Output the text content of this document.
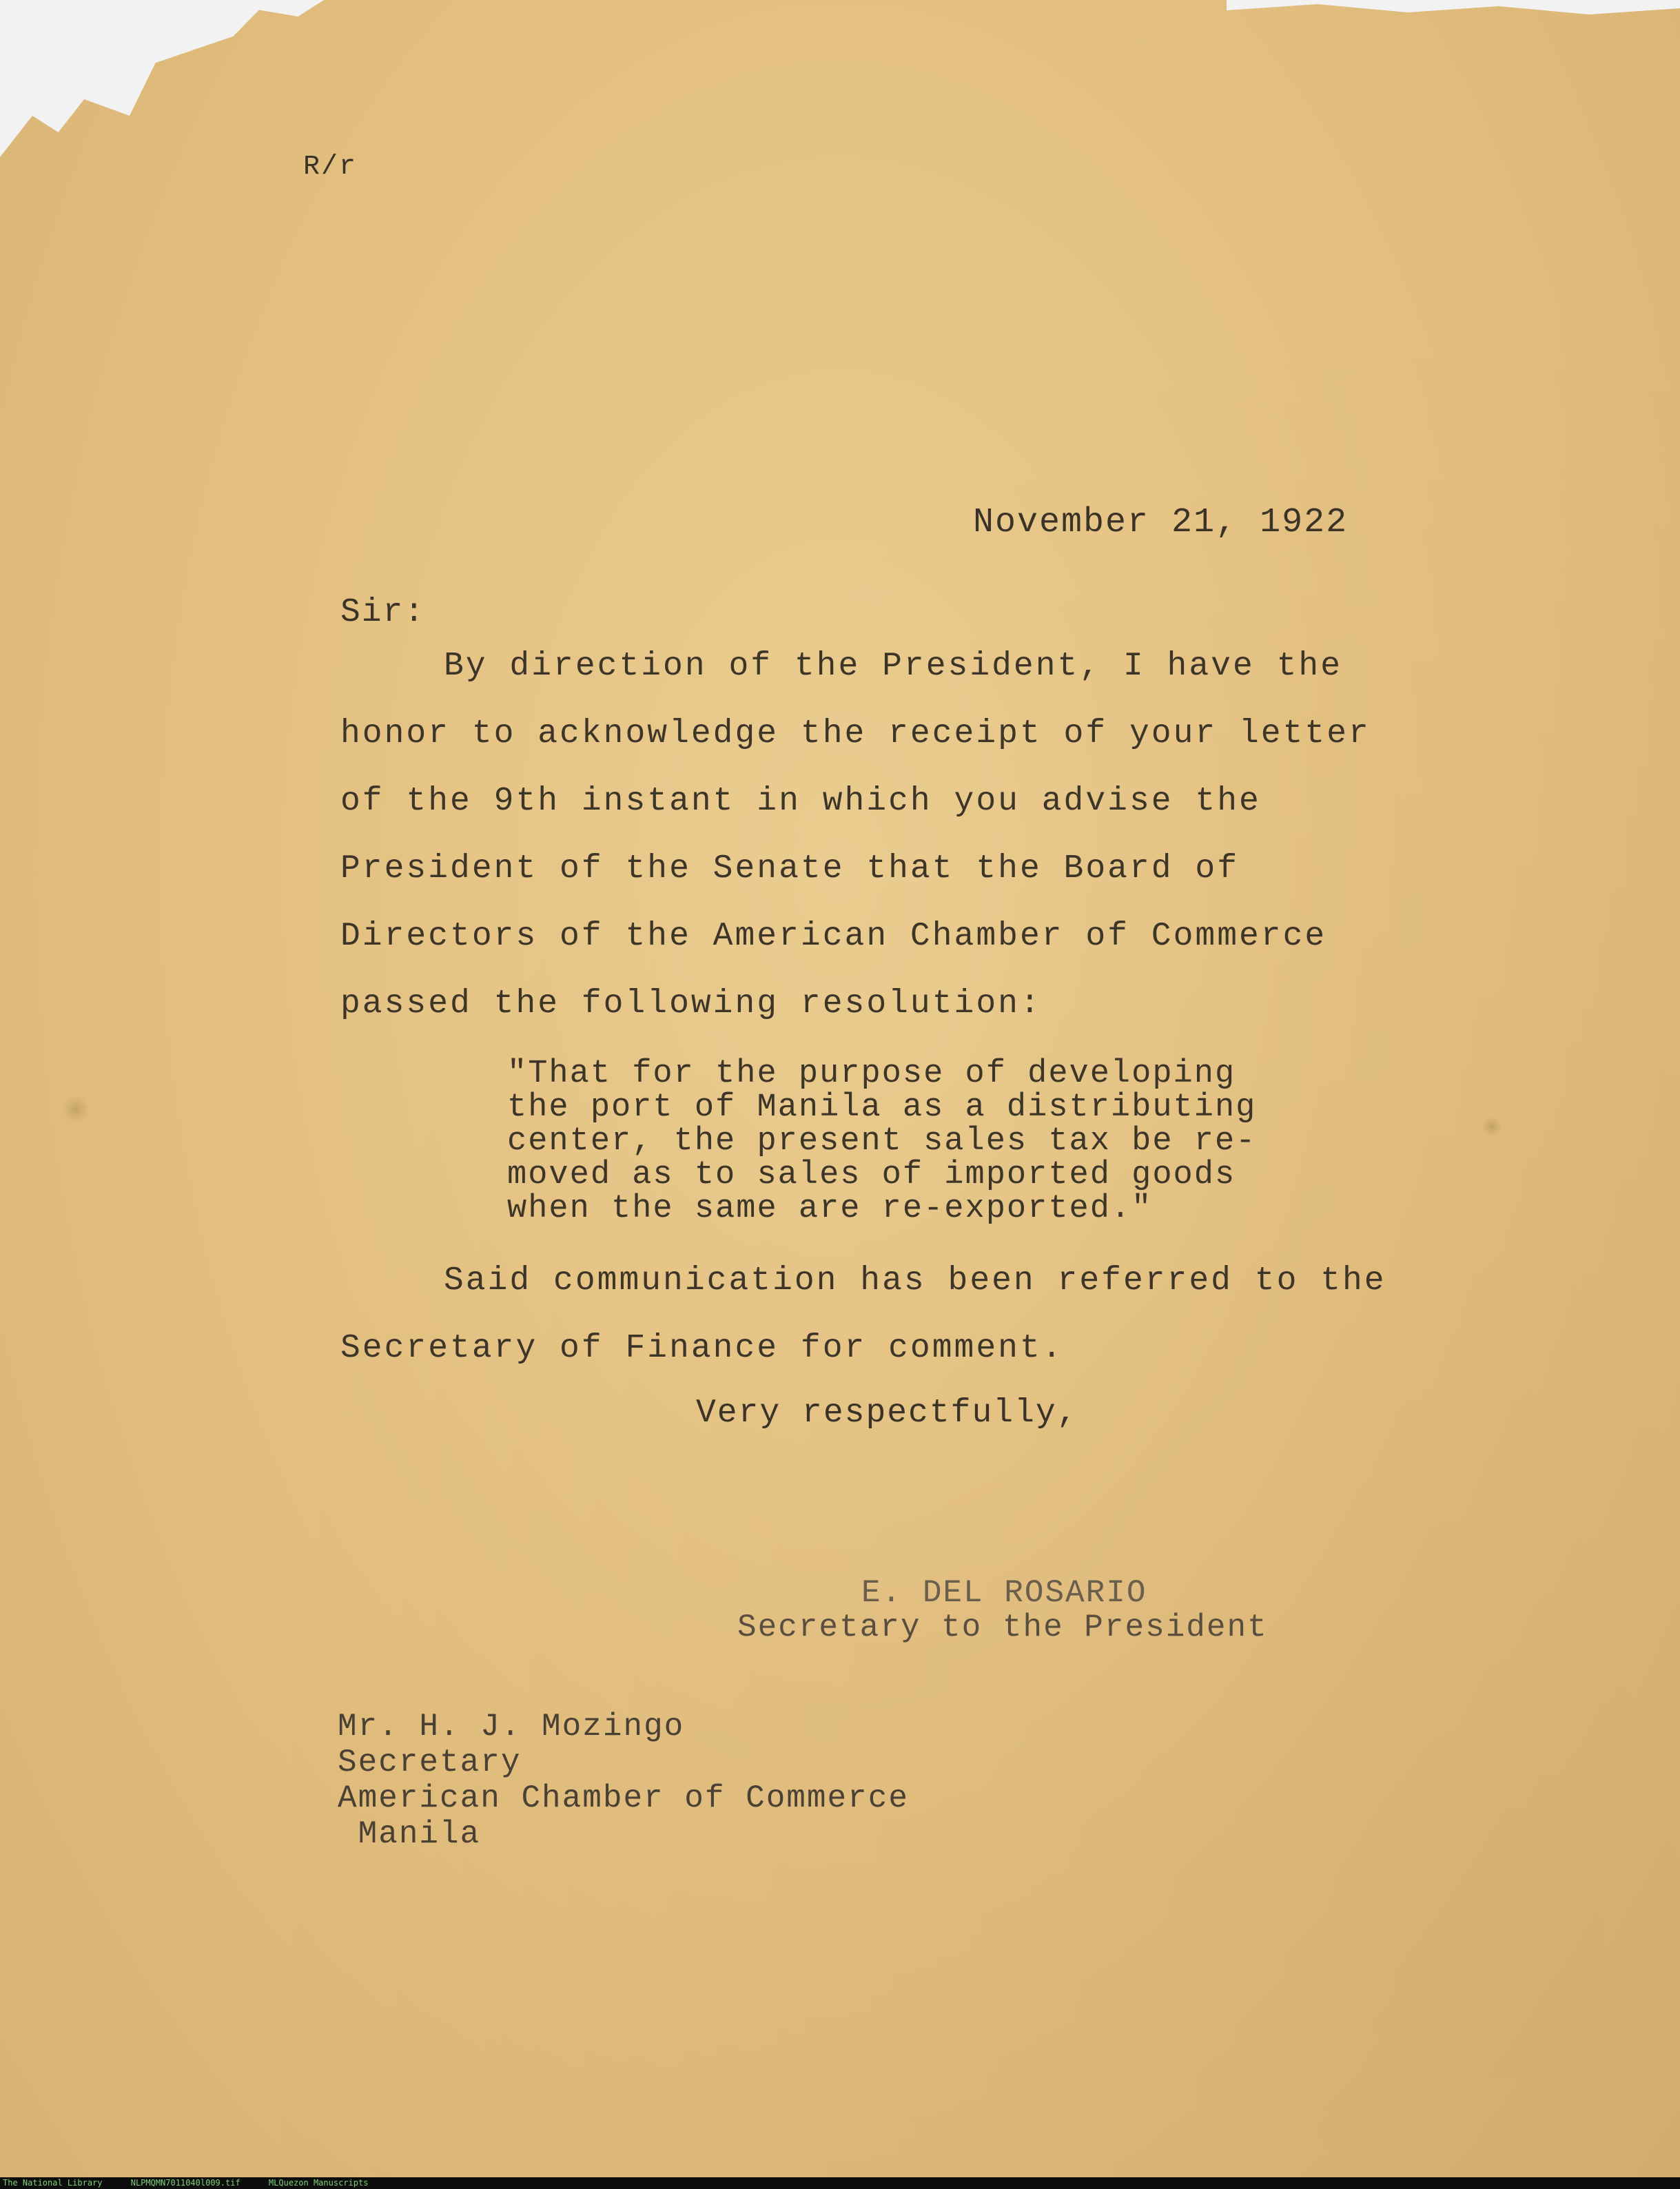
R/r
November 21, 1922
Sir:

By direction of the President, I have the honor to acknowledge the receipt of your letter of the 9th instant in which you advise the President of the Senate that the Board of Directors of the American Chamber of Commerce passed the following resolution:

"That for the purpose of developing
the port of Manila as a distributing
center, the present sales tax be re-
moved as to sales of imported goods
when the same are re-exported."

Said communication has been referred to the Secretary of Finance for comment.

Very respectfully,
E. DEL ROSARIO
Secretary to the President
Mr. H. J. Mozingo
Secretary
American Chamber of Commerce
Manila
The National Library	NLPMQMN7011040l009.tif	MLQuezon Manuscripts
